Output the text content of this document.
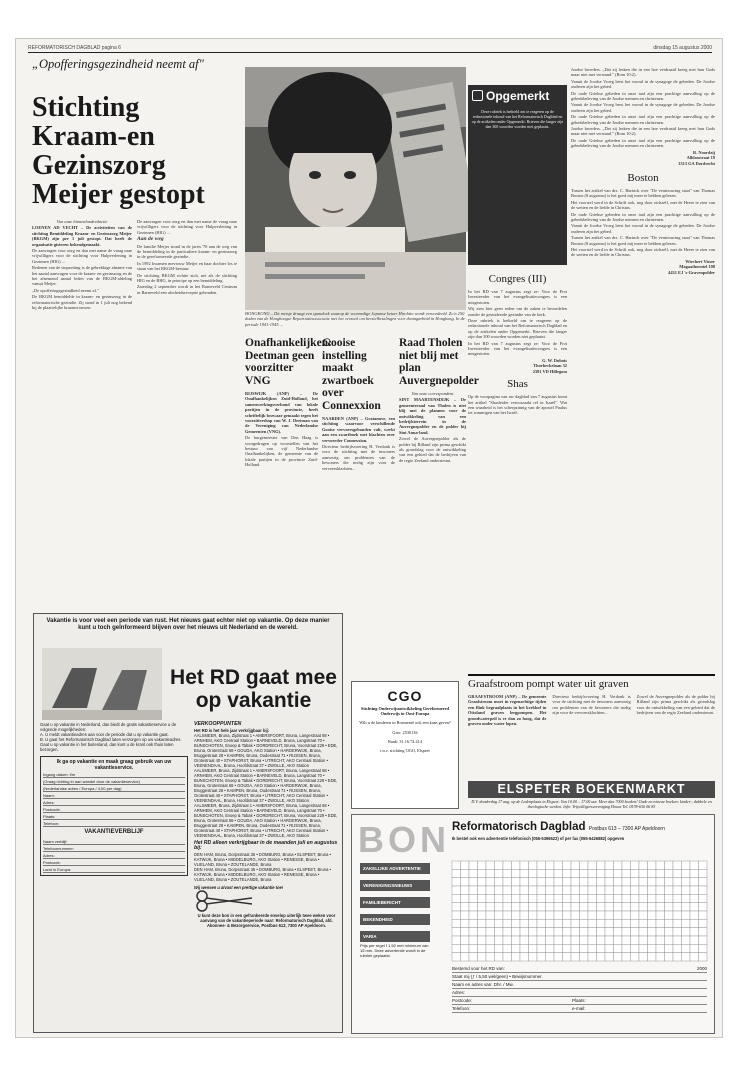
REFORMATORISCH DAGBLAD pagina 6	dinsdag 15 augustus 2000
„Opofferingsgezindheid neemt af"
Stichting Kraam-en Gezinszorg Meijer gestopt

Van onze binnenlandredactie

LOENEN AD VECHT – De activiteiten van de stichting Bemiddeling Kraam- en Gezinszorg Meijer (BKGM) zijn per 1 juli gestopt. Dat heeft de organisatie gisteren bekendgemaakt.

De aanvragen voor zorg en dan met name de vraag naar vrijwilligers voor de stichting voor Hulpverlening in Gezinnen (HIG) ...

Redenen van de stopzetting is de gebrekkige afname van het aantal aanvragen voor de kraam- en gezinszorg en de het afnemend aantal leden van de BKGM-afdeling vanuit Meijer.

„De opofferingsgezindheid neemt af."

De BKGM bemiddelde in kraam- en gezinszorg in de reformatorische gezindte. Zij stond in 1 juli nog bekend bij de plaatselijke kraamvrouwen.

De aanvragen voor zorg en dan met name de vraag naar vrijwilligers voor de stichting voor Hulpverlening in Gezinnen (HIG) ...

Aan de weg

De familie Meijer stond in de jaren '70 aan de weg van de bemiddeling in de particuliere kraam- en gezinszorg in de gereformeerde gezindte.

In 1992 kwamen mevrouw Meijer en haar dochter los te staan van het BKGM-bestuur.

De stichting BKGM richtte zich, net als de stichting HIG en de BHG, in principe op een bemiddeling.

Zaterdag 2 september wordt in het Barneveld Centrum in Barneveld een afscheidsreceptie gehouden.

HONGKONG – Dit meisje draagt een spandoek waarop de voormalige Japanse keizer Hirohito wordt veroordeeld. Zo'n 250 doden van de Hongkongse Repatriatieassociatie met het verzoek om herstelbetalingen voor dwangarbeid in Hongkong. In de periode 1941-1945 ...
Onafhankelijken: Deetman geen voorzitter VNG

RIJSWIJK (ANP) – De Onafhankelijken Zuid-Holland, het samenwerkingsverband van lokale partijen in de provincie, heeft schriftelijk bezwaar gemaakt tegen het voorzittershap van W. J. Deetman van de Vereniging van Nederlandse Gemeenten (VNG).

De burgemeester van Den Haag is voorgedragen op voorstellen van het bestuur van vijf Nederlandse Onafhankelijken, de gemeente van de lokale partijen in de provincie Zuid-Holland.

Gooise instelling maakt zwartboek over Connexxion

NAARDEN (ANP) – Gratanuve, een stichting waarvoor verschillende Gooise vervoersgebonden valt, werkt aan een zwartboek met klachten over vervoerder Connexxion.

Directeur bedrijfsvoering H. Verdonk is voor de stichting met de inwoners aanwezig om problemen van de bewoners die nodig zijn voor de vervoersklachten...

Raad Tholen niet blij met plan Auvergnepolder

Van onze correspondent

SINT MAARTENSDIJK – De gemeenteraad van Tholen is niet blij met de plannen voor de ontwikkeling van een bedrijfsterrein in de Auvergnepolder en de polder bij Sint Anna-land.

Zowel de Auvergnepolder als de polder bij Rilland zijn prima geschikt als grondslag voor de ontwikkeling van een gebied dat de bedrijven van de regio Zeeland ondersteunt.

Opgemerkt
Deze rubriek is bedoeld om te reageren op de redactionele inhoud van het Reformatorisch Dagblad en op de artikelen onder Opgemerkt. Brieven die langer zijn dan 300 woorden worden niet geplaatst.
Congres (III)

In het RD van 7 augustus zegt ze: Voor de Prot Investeerder van het evangelisatiecongres is een misgestoten.

Wij zien hier geen reden om de zaken te beoordelen zonder de gestudeerde gezindte van de kerk.

Deze rubriek is bedoeld om te reageren op de redactionele inhoud van het Reformatorisch Dagblad en op de artikelen onder Opgemerkt. Brieven die langer zijn dan 300 woorden worden niet geplaatst.

In het RD van 7 augustus zegt ze: Voor de Prot Investeerder van het evangelisatiecongres is een misgestoten.

G. W. Dubois
Thorbeckelaan 32
2381 VD Hillegom

Shas

Op de voorpagina van uw dagblad van 7 augustus komt het artikel "Shasleider veroorzaakt rel in Israël". Wat een waarheid is het scherpzinnig van de apostel Paulus tot sommigen van het Israël.

Joodse broeders. „Dat zij lesken die in een hoe verdraaid kreeg met hun Gods maar niet met verstand." (Rom 10:2).

Vanuit de Joodse Vroeg leest het vooral in de synagoge de gebeden. De Joodse ouderen zijn het gebed.

De oude Griekse gebeden in onze taal zijn een prachtige aanvulling op de gebedsbeleving van de Joodse mensen en christenen.

Vanuit de Joodse Vroeg leest het vooral in de synagoge de gebeden. De Joodse ouderen zijn het gebed.

De oude Griekse gebeden in onze taal zijn een prachtige aanvulling op de gebedsbeleving van de Joodse mensen en christenen.

Joodse broeders. „Dat zij lesken die in een hoe verdraaid kreeg met hun Gods maar niet met verstand." (Rom 10:2).

De oude Griekse gebeden in onze taal zijn een prachtige aanvulling op de gebedsbeleving van de Joodse mensen en christenen.

R. Noordzij
Alblasstraat 19
3313 GA Dordrecht

Boston

Tussen het artikel van drs. C. Harinck over "De vernieuwing staat" van Thomas Boston (8 augustus) is het goed mij meer te hebben gelezen.

Het voorstel werd in de Schrift ook, nog door zichzelf, met de Heere te zien van de wetten en de liefde in Christus.

De oude Griekse gebeden in onze taal zijn een prachtige aanvulling op de gebedsbeleving van de Joodse mensen en christenen.

Vanuit de Joodse Vroeg leest het vooral in de synagoge de gebeden. De Joodse ouderen zijn het gebed.

Tussen het artikel van drs. C. Harinck over "De vernieuwing staat" van Thomas Boston (8 augustus) is het goed mij meer te hebben gelezen.

Het voorstel werd in de Schrift ook, nog door zichzelf, met de Heere te zien van de wetten en de liefde in Christus.

Wiechert Visser
Magaathorntel 108
4431 EJ 's-Gravenpolder

Graafstroom pompt water uit graven

GRAAFSTROOM (ANP) – De gemeente Graafstroom moet in regenachtige tijden een flink begraafplaats in het kerkhof in Ottoland graven leegpompen. Het grondwaterpeil is er dan zo hoog, dat de graven onder water lopen.

Directeur bedrijfsvoering H. Verdonk is voor de stichting met de inwoners aanwezig om problemen van de bewoners die nodig zijn voor de vervoersklachten...

Zowel de Auvergnepolder als de polder bij Rilland zijn prima geschikt als grondslag voor de ontwikkeling van een gebied dat de bedrijven van de regio Zeeland ondersteunt.

CGO
Stichting Onderwijsontwikkeling Gereformeerd Onderwijs in Oost-Europa
Wilt u de kinderen in Roemenië ook een kans geven?
Giro: 2530136
Bank: 31.16.74.414
t.n.v. stichting OGO, Elspeet
ELSPETER BOEKENMARKT
D.V. donderdag 17 aug. op de Ledenplaats in Elspeet. Van 10.00 – 17.00 uur. Meer dan 7000 boeken! Oude en nieuwe boeken: kinder-, dubbele en theologische werken. Info: Vrijwilligersvereniging Hosea Tel. 0578-636 06 83
Vakantie is voor veel een periode van rust. Het nieuws gaat echter niet op vakantie. Op deze manier kunt u toch geïnformeerd blijven over het nieuws uit Nederland en de wereld.
Het RD gaat mee op vakantie

Gaat u op vakantie in Nederland, dan biedt de gratis vakantieservice u de volgende mogelijkheden:

A. U meldt vakantieadres aan voor de periode dat u op vakantie gaat.

B. U gaat het Reformatorisch Dagblad laten verzorgen op uw vakantieadres.

Gaat u op vakantie in het buitenland, dan kunt u de krant ook thuis laten bezorgen.

Ik ga op vakantie en maak graag gebruik van uw vakantieservice.

Ingang datum: t/m
(Graag richting in aan wandel door de vakantieservice)
(Nederlandse adres / Europa / 4,00 per dag)
Naam:
Adres:
Postcode:
Plaats:
Telefoon:
VAKANTIEVERBLIJF
Naam verblijf:
Telefoonnummer:
Adres:
Postcode:
Land in Europa:
VERKOOPPUNTEN

Het RD is het hele jaar verkrijgbaar bij:

AALSMEER, Bruna, Zijdstraat 1 • AMERSFOORT, Bruna, Langestraat 68 • ARNHEM, AKO Centraal Station • BARNEVELD, Bruna, Langstraat 70 • BUNSCHOTEN, Snoep & Tabak • DORDRECHT, Bruna, Voorstraat 229 • EDE, Bruna, Grotestraat 68 • GOUDA, AKO Station • HARDERWIJK, Bruna, Bruggestraat 28 • KAMPEN, Bruna, Oudestraat 71 • RIJSSEN, Bruna, Grotestraat 40 • STAPHORST, Bruna • UTRECHT, AKO Centraal Station • VEENENDAAL, Bruna, Hoofdstraat 37 • ZWOLLE, AKO Station

AALSMEER, Bruna, Zijdstraat 1 • AMERSFOORT, Bruna, Langestraat 68 • ARNHEM, AKO Centraal Station • BARNEVELD, Bruna, Langstraat 70 • BUNSCHOTEN, Snoep & Tabak • DORDRECHT, Bruna, Voorstraat 229 • EDE, Bruna, Grotestraat 68 • GOUDA, AKO Station • HARDERWIJK, Bruna, Bruggestraat 28 • KAMPEN, Bruna, Oudestraat 71 • RIJSSEN, Bruna, Grotestraat 40 • STAPHORST, Bruna • UTRECHT, AKO Centraal Station • VEENENDAAL, Bruna, Hoofdstraat 37 • ZWOLLE, AKO Station

AALSMEER, Bruna, Zijdstraat 1 • AMERSFOORT, Bruna, Langestraat 68 • ARNHEM, AKO Centraal Station • BARNEVELD, Bruna, Langstraat 70 • BUNSCHOTEN, Snoep & Tabak • DORDRECHT, Bruna, Voorstraat 229 • EDE, Bruna, Grotestraat 68 • GOUDA, AKO Station • HARDERWIJK, Bruna, Bruggestraat 28 • KAMPEN, Bruna, Oudestraat 71 • RIJSSEN, Bruna, Grotestraat 40 • STAPHORST, Bruna • UTRECHT, AKO Centraal Station • VEENENDAAL, Bruna, Hoofdstraat 37 • ZWOLLE, AKO Station

Het RD alleen verkrijgbaar in de maanden juli en augustus bij:

DEN HAM, Bruna, Dorpsstraat 35 • DOMBURG, Bruna • ELSPEET, Bruna • KATWIJK, Bruna • MIDDELBURG, AKO Station • RENESSE, Bruna • VLIELAND, Bruna • ZOUTELANDE, Bruna

DEN HAM, Bruna, Dorpsstraat 35 • DOMBURG, Bruna • ELSPEET, Bruna • KATWIJK, Bruna • MIDDELBURG, AKO Station • RENESSE, Bruna • VLIELAND, Bruna • ZOUTELANDE, Bruna

Wij wensen u alvast een prettige vakantie toe!

U kunt deze bon in een gefrankeerde envelop uiterlijk twee weken voor aanvang van de vakantieperiode naar: Reformatorisch Dagblad, afd. Abonnee- & Bezorgservice, Postbus 613, 7300 AP Apeldoorn.

BON Reformatorisch Dagblad Postbus 613 – 7300 AP Apeldoorn
Ik bestel ook een advertentie telefonisch (055-5396522) of per fax (055-5426882) opgeven
ZAKELIJKE ADVERTENTIE
VERENIGINGSNIEUWS
FAMILIEBERICHT
BEKENDHEID
VARIA
Prijs per regel f 1,50 met minimum van 15 mm. Deze advertentie wordt in de rubriek geplaatst.
Bestemd voor het RD van:	2000
Staat mij (ƒ / 5,50 wel/geen) • Bewijsnummer.
Naam en adres van: Dhr. / Mw.
Adres:
Postcode:	Plaats:
Telefoon:	e-mail:
